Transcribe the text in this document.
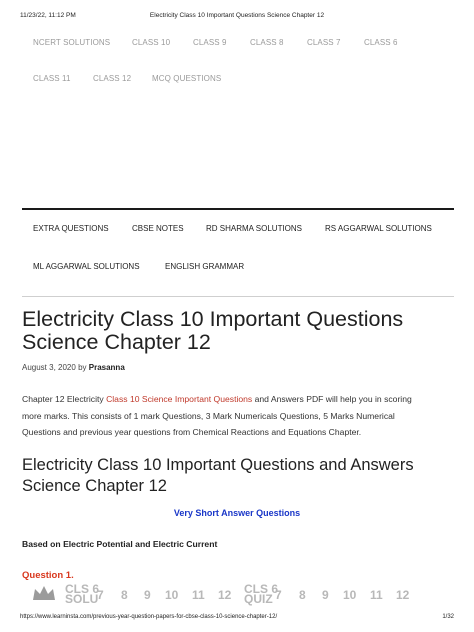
11/23/22, 11:12 PM	Electricity Class 10 Important Questions Science Chapter 12
NCERT SOLUTIONS	CLASS 10	CLASS 9	CLASS 8	CLASS 7	CLASS 6
CLASS 11	CLASS 12	MCQ QUESTIONS
EXTRA QUESTIONS	CBSE NOTES	RD SHARMA SOLUTIONS	RS AGGARWAL SOLUTIONS
ML AGGARWAL SOLUTIONS	ENGLISH GRAMMAR
Electricity Class 10 Important Questions Science Chapter 12
August 3, 2020 by Prasanna

Chapter 12 Electricity Class 10 Science Important Questions and Answers PDF will help you in scoring more marks. This consists of 1 mark Questions, 3 Mark Numericals Questions, 5 Marks Numerical Questions and previous year questions from Chemical Reactions and Equations Chapter.

Electricity Class 10 Important Questions and Answers Science Chapter 12
Very Short Answer Questions
Based on Electric Potential and Electric Current
Question 1.
CLS 6
SOLU
7 8 9 10 11 12 CLS 6
QUIZ 7 8 9 10 11 12
https://www.learninsta.com/previous-year-question-papers-for-cbse-class-10-science-chapter-12/	1/32
